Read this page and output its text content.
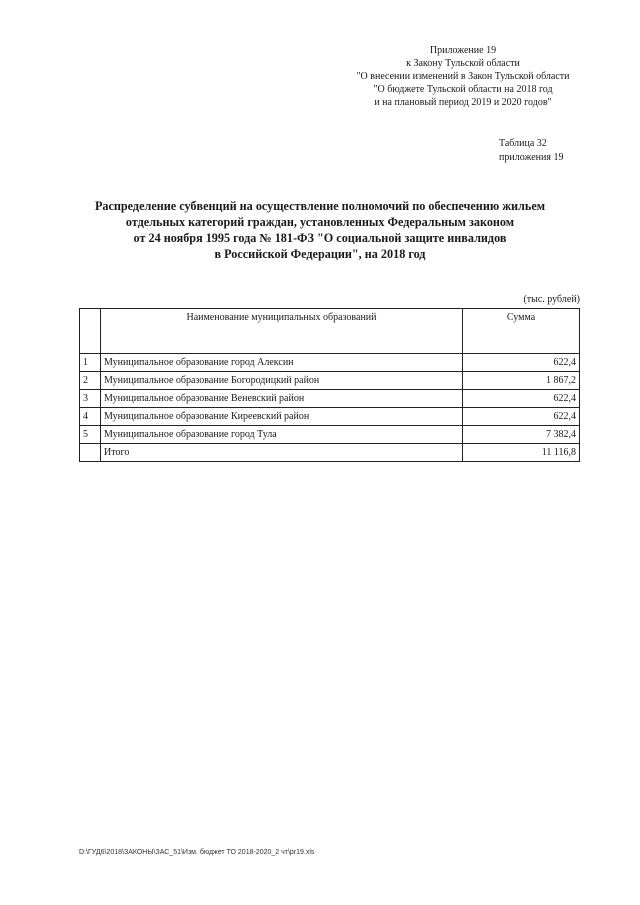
Приложение 19
к Закону Тульской области
"О внесении изменений в Закон Тульской области
"О бюджете Тульской области на 2018 год
и на плановый период 2019 и 2020 годов"
Таблица 32
приложения 19
Распределение субвенций на осуществление полномочий по обеспечению жильем
отдельных категорий граждан, установленных Федеральным законом
от 24 ноября 1995 года № 181-ФЗ "О социальной защите инвалидов
в Российской Федерации", на 2018 год
(тыс. рублей)
	Наименование муниципальных образований	Сумма
1	Муниципальное образование город Алексин	622,4
2	Муниципальное образование Богородицкий район	1 867,2
3	Муниципальное образование Веневский район	622,4
4	Муниципальное образование Киреевский район	622,4
5	Муниципальное образование город Тула	7 382,4
	Итого	11 116,8
D:\ГУД6\2018\ЗАКОНЫ\ЗАС_51\Изм. бюджет ТО 2018-2020_2 чт\pr19.xls
